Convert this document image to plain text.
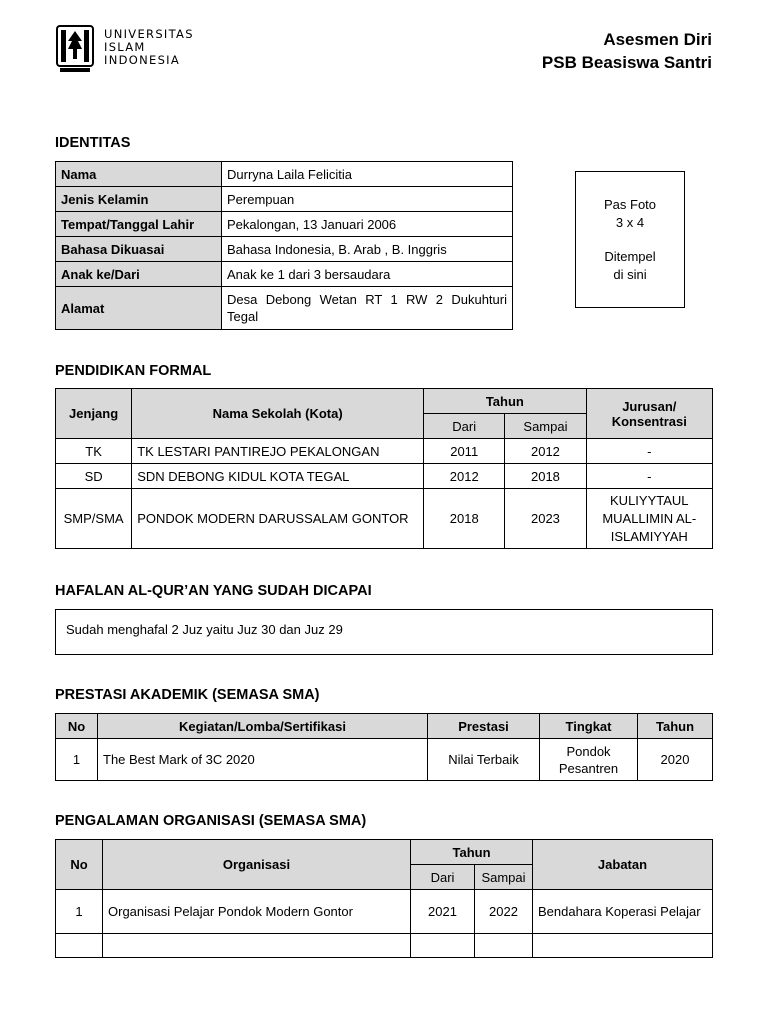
UNIVERSITAS
ISLAM
INDONESIA
Asesmen Diri
PSB Beasiswa Santri
IDENTITAS
Nama	Durryna Laila Felicitia
Jenis Kelamin	Perempuan
Tempat/Tanggal Lahir	Pekalongan, 13 Januari 2006
Bahasa Dikuasai	Bahasa Indonesia, B. Arab , B. Inggris
Anak ke/Dari	Anak ke 1 dari 3 bersaudara
Alamat	Desa Debong Wetan RT 1 RW 2 Dukuhturi Tegal
Pas Foto
3 x 4
Ditempel
di sini
PENDIDIKAN FORMAL
Jenjang	Nama Sekolah (Kota)	Tahun		Jurusan/ Konsentrasi
		Dari	Sampai	
TK	TK LESTARI PANTIREJO PEKALONGAN	2011	2012	-
SD	SDN DEBONG KIDUL KOTA TEGAL	2012	2018	-
SMP/SMA	PONDOK MODERN DARUSSALAM GONTOR	2018	2023	KULIYYTAUL MUALLIMIN AL-ISLAMIYYAH
HAFALAN AL-QUR’AN YANG SUDAH DICAPAI
Sudah menghafal 2 Juz yaitu Juz 30 dan Juz 29
PRESTASI AKADEMIK (SEMASA SMA)
No	Kegiatan/Lomba/Sertifikasi	Prestasi	Tingkat	Tahun
1	The Best Mark of 3C 2020	Nilai Terbaik	Pondok Pesantren	2020
PENGALAMAN ORGANISASI (SEMASA SMA)
No	Organisasi	Tahun		Jabatan
		Dari	Sampai	
1	Organisasi Pelajar Pondok Modern Gontor	2021	2022	Bendahara Koperasi Pelajar
